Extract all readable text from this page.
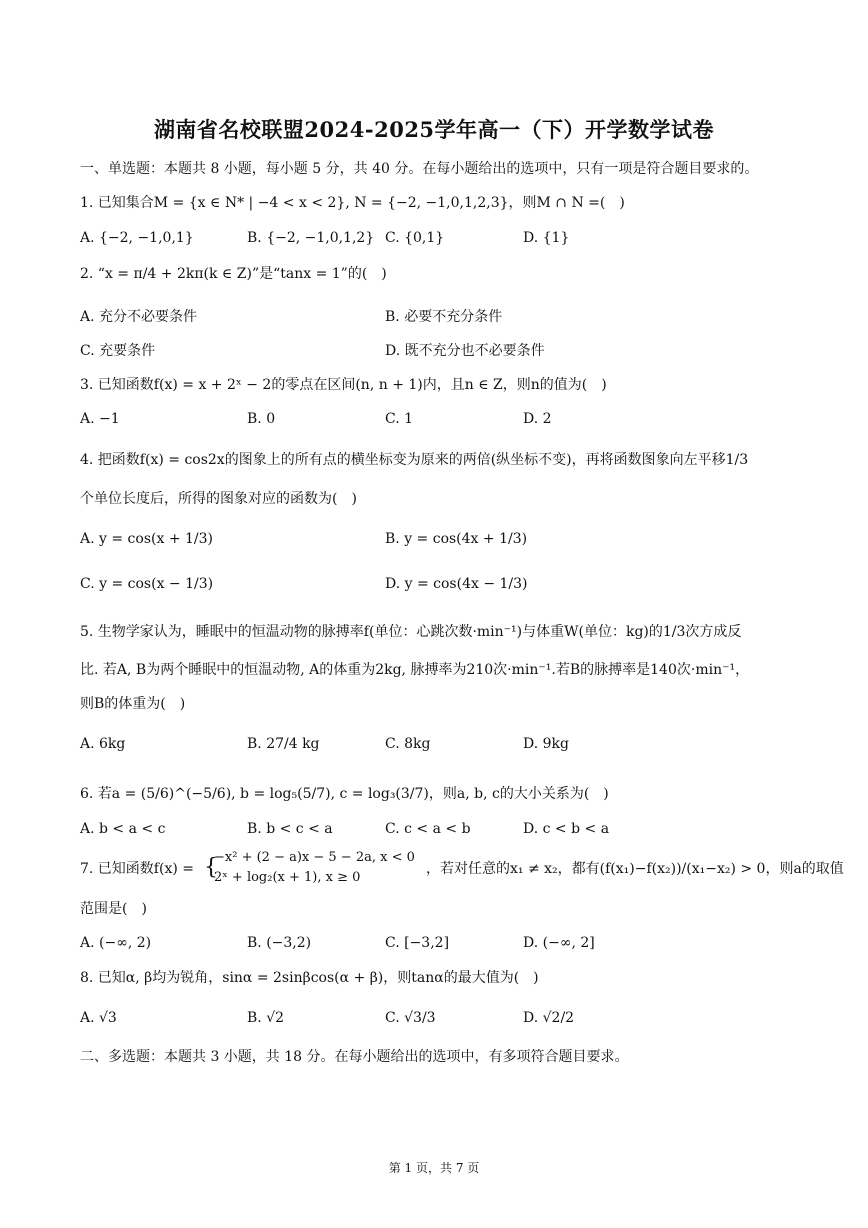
湖南省名校联盟2024-2025学年高一（下）开学数学试卷
一、单选题：本题共 8 小题，每小题 5 分，共 40 分。在每小题给出的选项中，只有一项是符合题目要求的。
1. 已知集合M = {x ∈ N* | −4 < x < 2}, N = {−2, −1,0,1,2,3}，则M ∩ N =(　)
A. {−2, −1,0,1}	B. {−2, −1,0,1,2} C. {0,1}	D. {1}
2. “x = π/4 + 2kπ(k ∈ Z)”是“tanx = 1”的(　)
A. 充分不必要条件	B. 必要不充分条件
C. 充要条件	D. 既不充分也不必要条件
3. 已知函数f(x) = x + 2ˣ − 2的零点在区间(n, n + 1)内，且n ∈ Z，则n的值为(　)
A. −1	B. 0	C. 1	D. 2
4. 把函数f(x) = cos2x的图象上的所有点的横坐标变为原来的两倍(纵坐标不变)，再将函数图象向左平移1/3
个单位长度后，所得的图象对应的函数为(　)
A. y = cos(x + 1/3)	B. y = cos(4x + 1/3)
C. y = cos(x − 1/3)	D. y = cos(4x − 1/3)
5. 生物学家认为，睡眠中的恒温动物的脉搏率f(单位：心跳次数·min⁻¹)与体重W(单位：kg)的1/3次方成反
比. 若A, B为两个睡眠中的恒温动物, A的体重为2kg, 脉搏率为210次·min⁻¹.若B的脉搏率是140次·min⁻¹，
则B的体重为(　)
A. 6kg	B. 27/4 kg	C. 8kg	D. 9kg
6. 若a = (5/6)^(−5/6), b = log₅(5/7), c = log₃(3/7)，则a, b, c的大小关系为(　)
A. b < a < c	B. b < c < a	C. c < a < b	D. c < b < a
7. 已知函数f(x) = {
−x² + (2 − a)x − 5 − 2a, x < 0
2ˣ + log₂(x + 1), x ≥ 0
，若对任意的x₁ ≠ x₂，都有(f(x₁)−f(x₂))/(x₁−x₂) > 0，则a的取值
范围是(　)
A. (−∞, 2)	B. (−3,2)	C. [−3,2]	D. (−∞, 2]
8. 已知α, β均为锐角，sinα = 2sinβcos(α + β)，则tanα的最大值为(　)
A. √3	B. √2	C. √3/3	D. √2/2
二、多选题：本题共 3 小题，共 18 分。在每小题给出的选项中，有多项符合题目要求。
第 1 页，共 7 页
